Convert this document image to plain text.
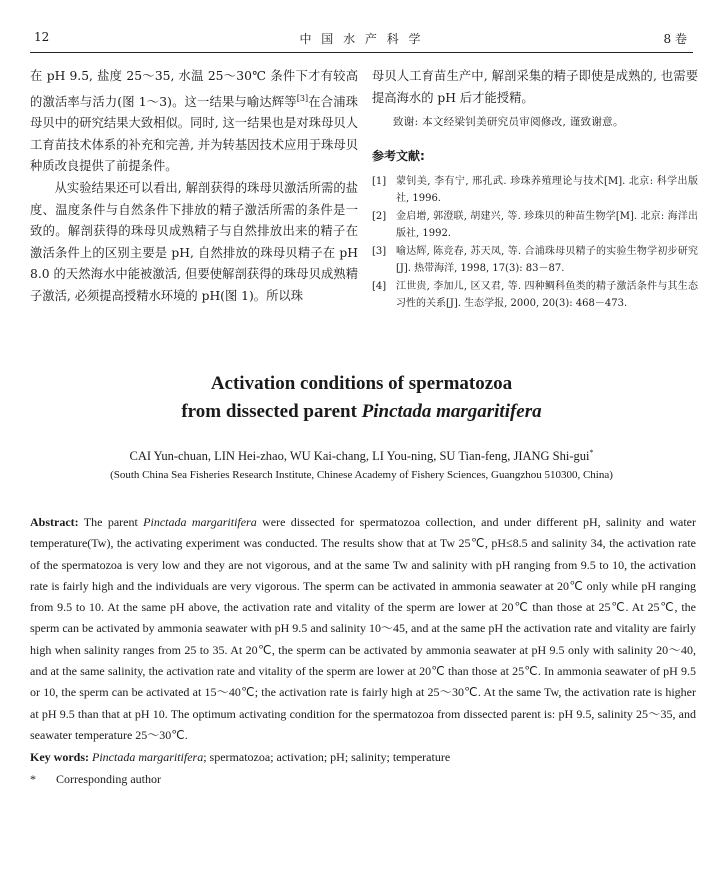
12	中 国 水 产 科 学	8 卷

在 pH 9.5, 盐度 25～35, 水温 25～30℃ 条件下才有较高的激活率与活力(图 1～3)。这一结果与喻达辉等[3]在合浦珠母贝中的研究结果大致相似。同时, 这一结果也是对珠母贝人工育苗技术体系的补充和完善, 并为转基因技术应用于珠母贝种质改良提供了前提条件。

从实验结果还可以看出, 解剖获得的珠母贝激活所需的盐度、温度条件与自然条件下排放的精子激活所需的条件是一致的。解剖获得的珠母贝成熟精子与自然排放出来的精子在激活条件上的区别主要是 pH, 自然排放的珠母贝精子在 pH 8.0 的天然海水中能被激活, 但要使解剖获得的珠母贝成熟精子激活, 必须提高授精水环境的 pH(图 1)。所以珠

母贝人工育苗生产中, 解剖采集的精子即使是成熟的, 也需要提高海水的 pH 后才能授精。

致谢: 本文经梁钊美研究员审阅修改, 谨致谢意。

参考文献:

[1] 蒙钊美, 李有宁, 邢孔武. 珍珠养殖理论与技术[M]. 北京: 科学出版社, 1996.
[2] 金启增, 郭澄联, 胡建兴, 等. 珍珠贝的种苗生物学[M]. 北京: 海洋出版社, 1992.
[3] 喻达辉, 陈竞春, 苏天凤, 等. 合浦珠母贝精子的实验生物学初步研究[J]. 热带海洋, 1998, 17(3): 83－87.
[4] 江世贵, 李加儿, 区又君, 等. 四种鲷科鱼类的精子激活条件与其生态习性的关系[J]. 生态学报, 2000, 20(3): 468－473.
Activation conditions of spermatozoa
from dissected parent Pinctada margaritifera
CAI Yun-chuan, LIN Hei-zhao, WU Kai-chang, LI You-ning, SU Tian-feng, JIANG Shi-gui*
(South China Sea Fisheries Research Institute, Chinese Academy of Fishery Sciences, Guangzhou 510300, China)

Abstract: The parent Pinctada margaritifera were dissected for spermatozoa collection, and under different pH, salinity and water temperature(Tw), the activating experiment was conducted. The results show that at Tw 25℃, pH≤8.5 and salinity 34, the activation rate of the spermatozoa is very low and they are not vigorous, and at the same Tw and salinity with pH ranging from 9.5 to 10, the activation rate is fairly high and the individuals are very vigorous. The sperm can be activated in ammonia seawater at 20℃ only while pH ranging from 9.5 to 10. At the same pH above, the activation rate and vitality of the sperm are lower at 20℃ than those at 25℃. At 25℃, the sperm can be activated by ammonia seawater with pH 9.5 and salinity 10～45, and at the same pH the activation rate and vitality are fairly high when salinity ranges from 25 to 35. At 20℃, the sperm can be activated by ammonia seawater at pH 9.5 only with salinity 20～40, and at the same salinity, the activation rate and vitality of the sperm are lower at 20℃ than those at 25℃. In ammonia seawater of pH 9.5 or 10, the sperm can be activated at 15～40℃; the activation rate is fairly high at 25～30℃. At the same Tw, the activation rate is higher at pH 9.5 than that at pH 10. The optimum activating condition for the spermatozoa from dissected parent is: pH 9.5, salinity 25～35, and seawater temperature 25～30℃.

Key words: Pinctada margaritifera; spermatozoa; activation; pH; salinity; temperature

* Corresponding author
